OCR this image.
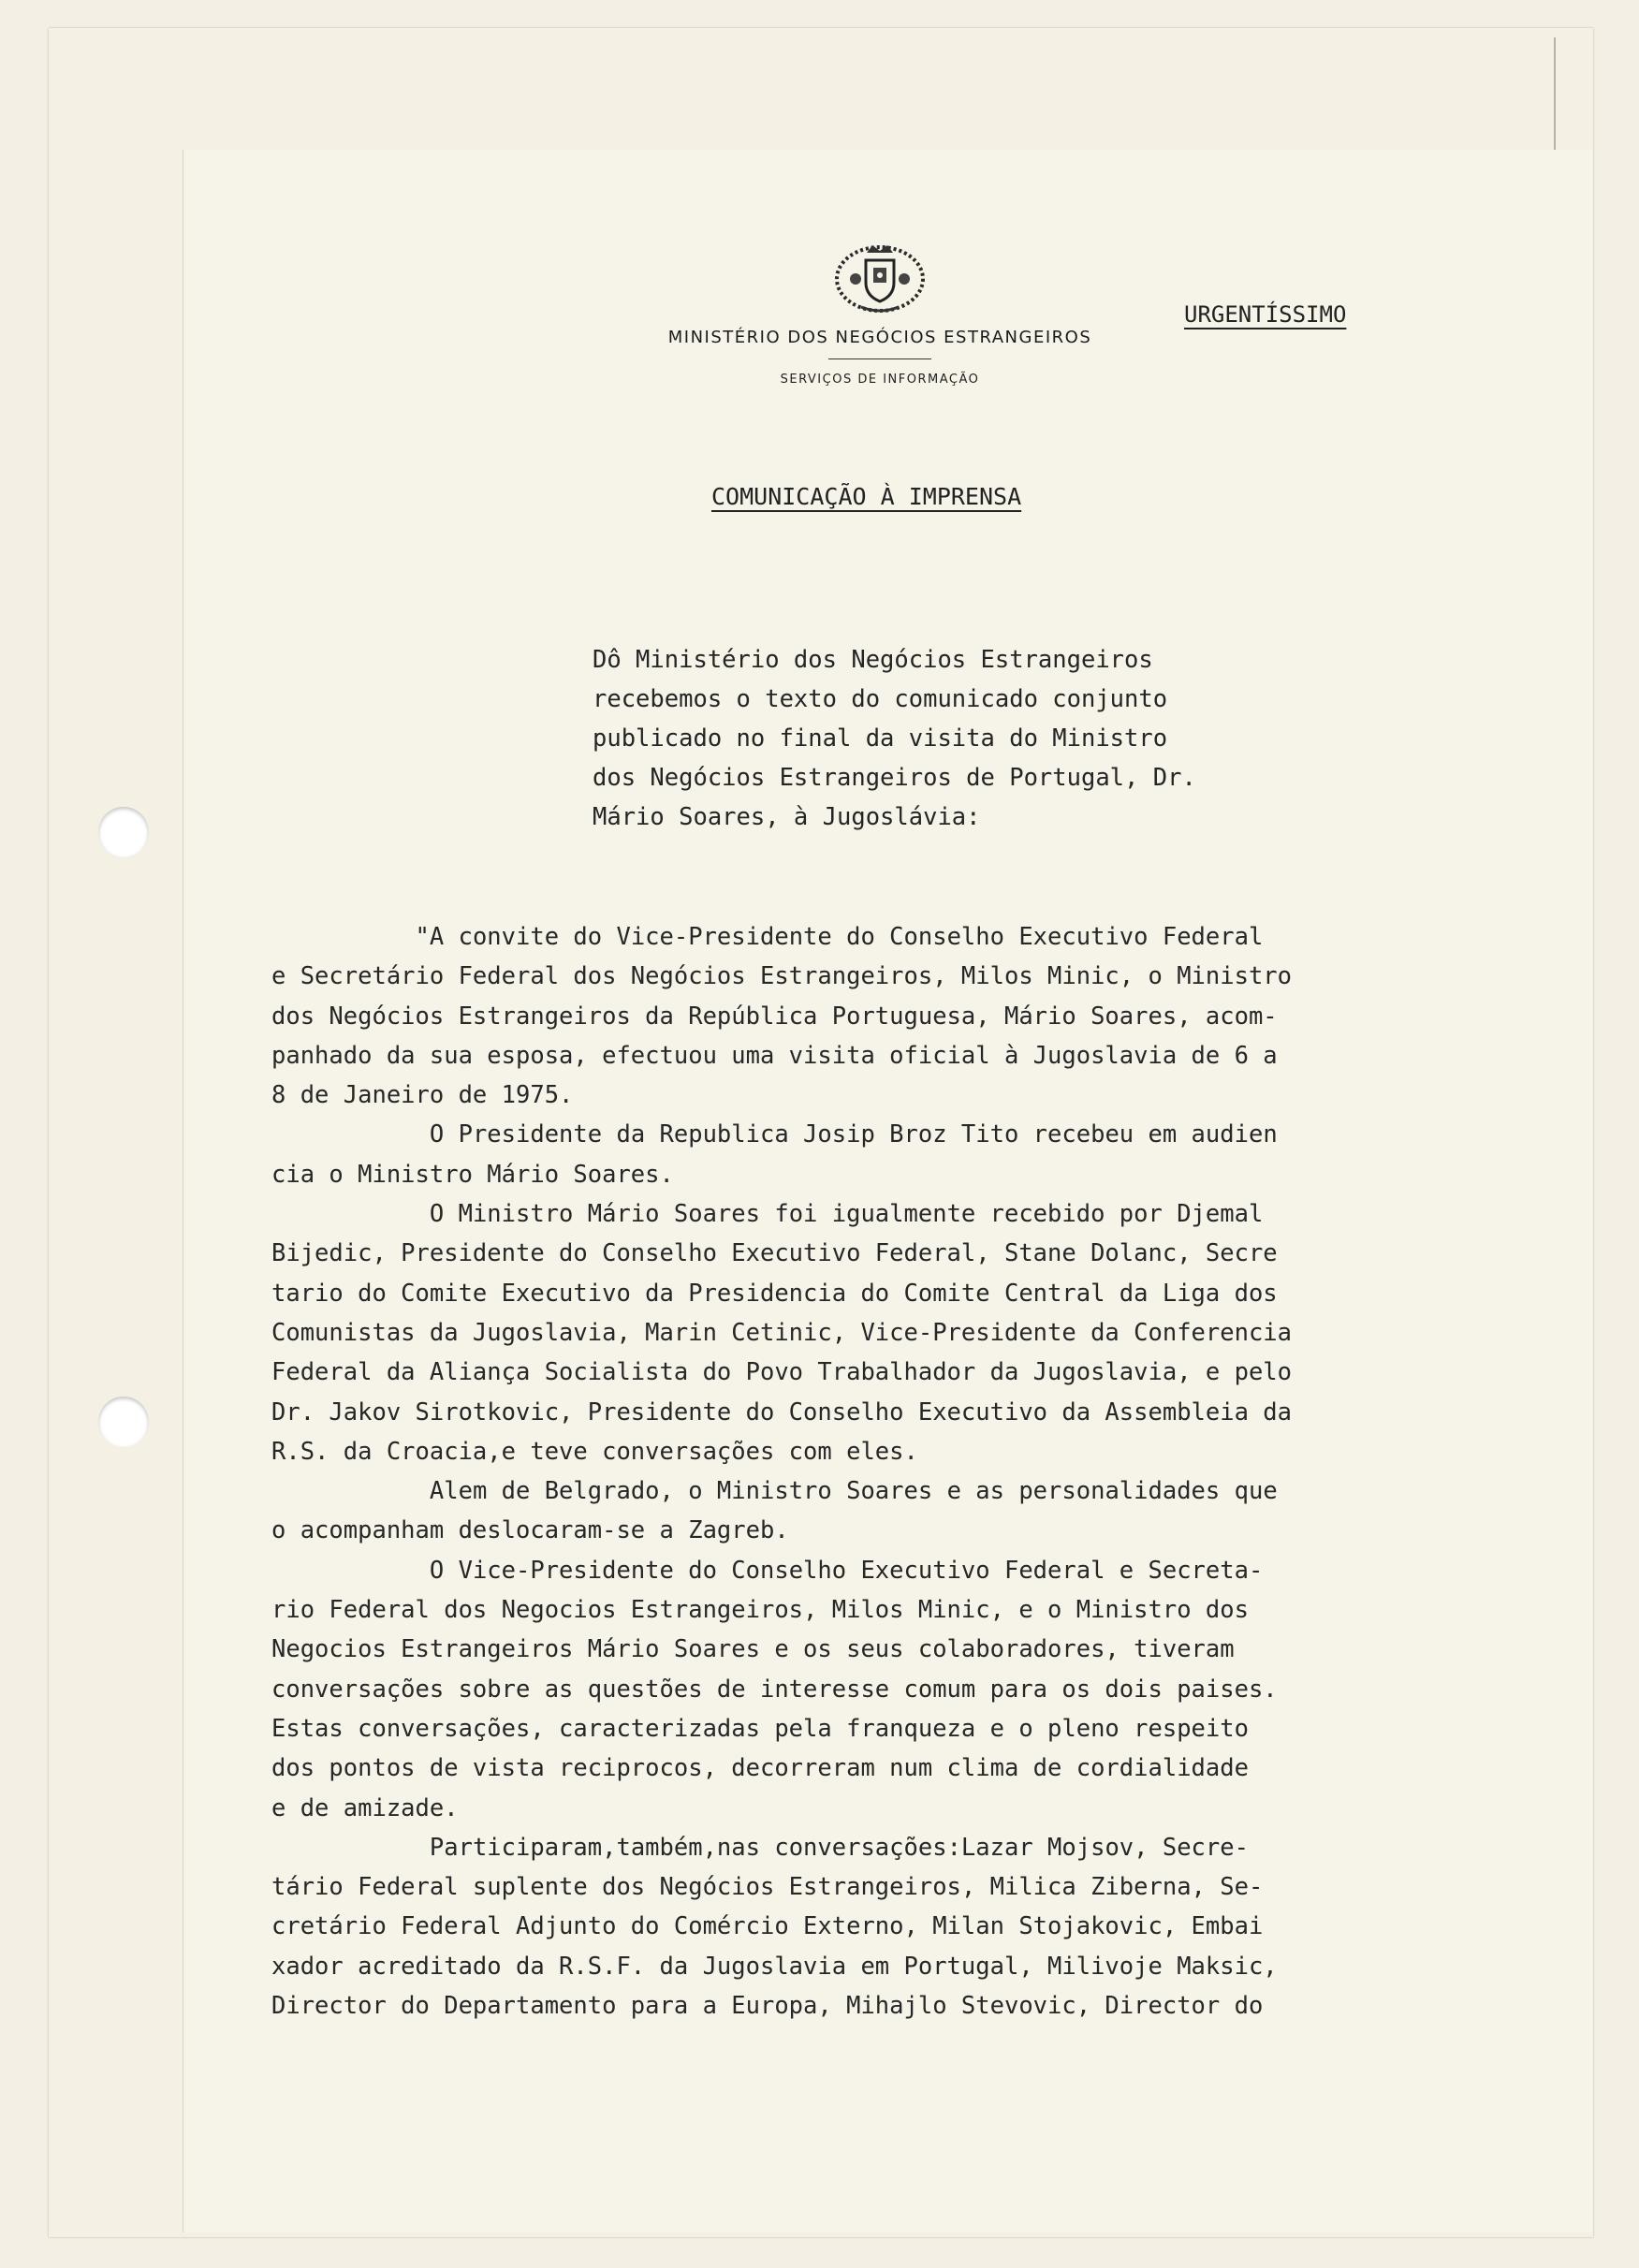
MINISTÉRIO DOS NEGÓCIOS ESTRANGEIROS
SERVIÇOS DE INFORMAÇÃO
URGENTÍSSIMO
COMUNICAÇÃO À IMPRENSA
Dô Ministério dos Negócios Estrangeiros
recebemos o texto do comunicado conjunto
publicado no final da visita do Ministro
dos Negócios Estrangeiros de Portugal, Dr.
Mário Soares, à Jugoslávia:
"A convite do Vice-Presidente do Conselho Executivo Federal
e Secretário Federal dos Negócios Estrangeiros, Milos Minic, o Ministro
dos Negócios Estrangeiros da República Portuguesa, Mário Soares, acom-
panhado da sua esposa, efectuou uma visita oficial à Jugoslavia de 6 a
8 de Janeiro de 1975.
O Presidente da Republica Josip Broz Tito recebeu em audien
cia o Ministro Mário Soares.
O Ministro Mário Soares foi igualmente recebido por Djemal
Bijedic, Presidente do Conselho Executivo Federal, Stane Dolanc, Secre
tario do Comite Executivo da Presidencia do Comite Central da Liga dos
Comunistas da Jugoslavia, Marin Cetinic, Vice-Presidente da Conferencia
Federal da Aliança Socialista do Povo Trabalhador da Jugoslavia, e pelo
Dr. Jakov Sirotkovic, Presidente do Conselho Executivo da Assembleia da
R.S. da Croacia,e teve conversações com eles.
Alem de Belgrado, o Ministro Soares e as personalidades que
o acompanham deslocaram-se a Zagreb.
O Vice-Presidente do Conselho Executivo Federal e Secreta-
rio Federal dos Negocios Estrangeiros, Milos Minic, e o Ministro dos
Negocios Estrangeiros Mário Soares e os seus colaboradores, tiveram
conversações sobre as questões de interesse comum para os dois paises.
Estas conversações, caracterizadas pela franqueza e o pleno respeito
dos pontos de vista reciprocos, decorreram num clima de cordialidade
e de amizade.
Participaram,também,nas conversações:Lazar Mojsov, Secre-
tário Federal suplente dos Negócios Estrangeiros, Milica Ziberna, Se-
cretário Federal Adjunto do Comércio Externo, Milan Stojakovic, Embai
xador acreditado da R.S.F. da Jugoslavia em Portugal, Milivoje Maksic,
Director do Departamento para a Europa, Mihajlo Stevovic, Director do
